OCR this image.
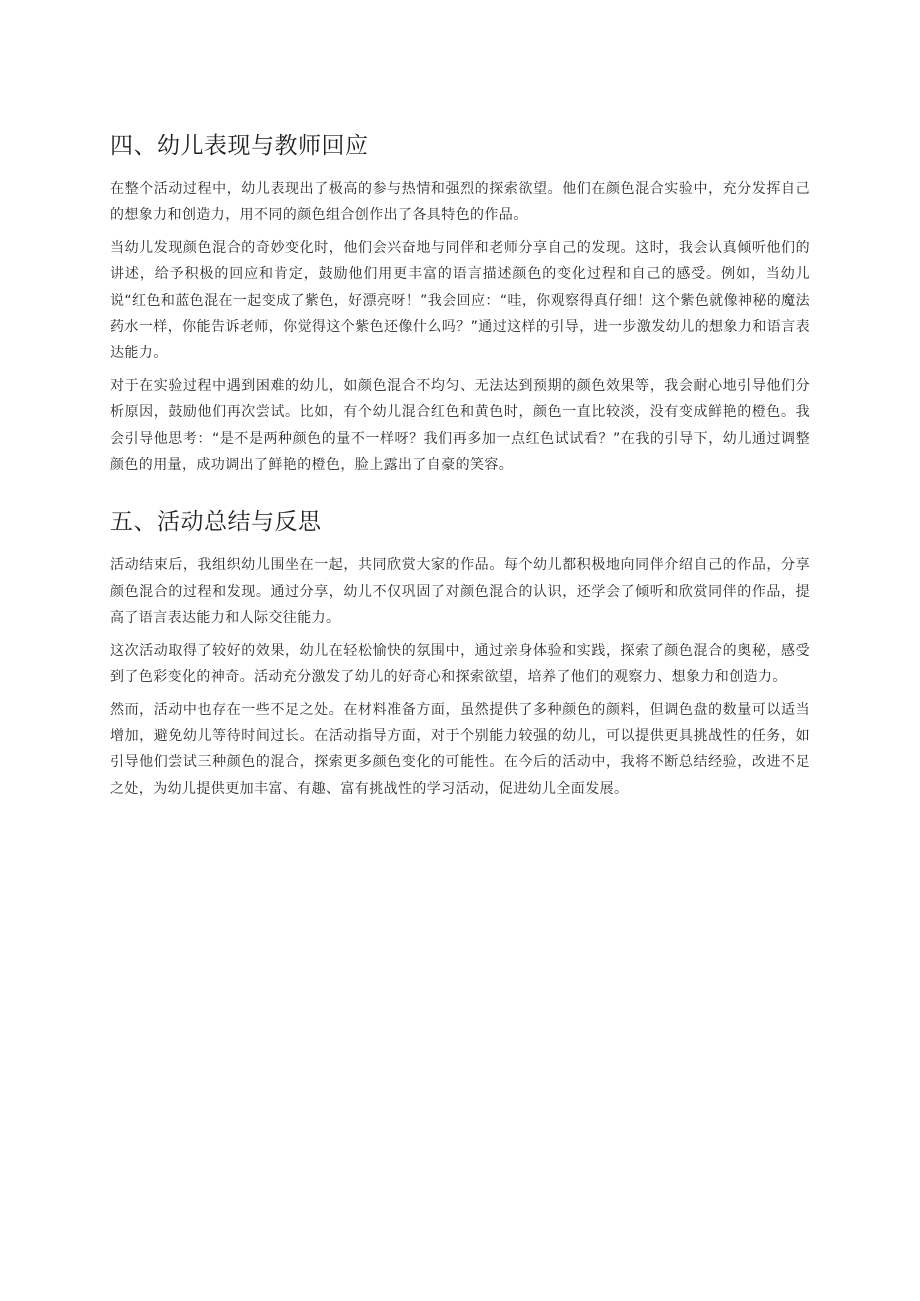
四、幼儿表现与教师回应

在整个活动过程中，幼儿表现出了极高的参与热情和强烈的探索欲望。他们在颜色混合实验中，充分发挥自己的想象力和创造力，用不同的颜色组合创作出了各具特色的作品。

当幼儿发现颜色混合的奇妙变化时，他们会兴奋地与同伴和老师分享自己的发现。这时，我会认真倾听他们的讲述，给予积极的回应和肯定，鼓励他们用更丰富的语言描述颜色的变化过程和自己的感受。例如，当幼儿说“红色和蓝色混在一起变成了紫色，好漂亮呀！”我会回应：“哇，你观察得真仔细！这个紫色就像神秘的魔法药水一样，你能告诉老师，你觉得这个紫色还像什么吗？”通过这样的引导，进一步激发幼儿的想象力和语言表达能力。

对于在实验过程中遇到困难的幼儿，如颜色混合不均匀、无法达到预期的颜色效果等，我会耐心地引导他们分析原因，鼓励他们再次尝试。比如，有个幼儿混合红色和黄色时，颜色一直比较淡，没有变成鲜艳的橙色。我会引导他思考：“是不是两种颜色的量不一样呀？我们再多加一点红色试试看？”在我的引导下，幼儿通过调整颜色的用量，成功调出了鲜艳的橙色，脸上露出了自豪的笑容。

五、活动总结与反思

活动结束后，我组织幼儿围坐在一起，共同欣赏大家的作品。每个幼儿都积极地向同伴介绍自己的作品，分享颜色混合的过程和发现。通过分享，幼儿不仅巩固了对颜色混合的认识，还学会了倾听和欣赏同伴的作品，提高了语言表达能力和人际交往能力。

这次活动取得了较好的效果，幼儿在轻松愉快的氛围中，通过亲身体验和实践，探索了颜色混合的奥秘，感受到了色彩变化的神奇。活动充分激发了幼儿的好奇心和探索欲望，培养了他们的观察力、想象力和创造力。

然而，活动中也存在一些不足之处。在材料准备方面，虽然提供了多种颜色的颜料，但调色盘的数量可以适当增加，避免幼儿等待时间过长。在活动指导方面，对于个别能力较强的幼儿，可以提供更具挑战性的任务，如引导他们尝试三种颜色的混合，探索更多颜色变化的可能性。在今后的活动中，我将不断总结经验，改进不足之处，为幼儿提供更加丰富、有趣、富有挑战性的学习活动，促进幼儿全面发展。
